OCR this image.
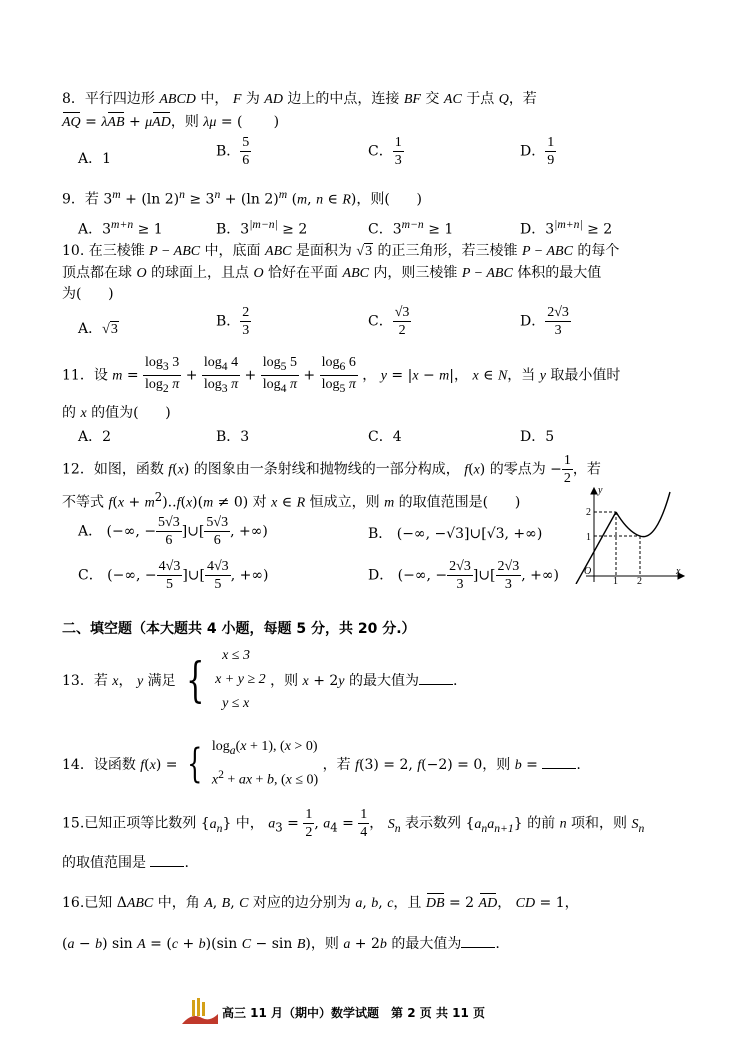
8．平行四边形 ABCD 中， F 为 AD 边上的中点，连接 BF 交 AC 于点 Q，若
AQ = λAB + μAD，则 λμ = (       )
A．1	B． $\frac{5}{6}$	C． $\frac{1}{3}$	D． $\frac{1}{9}$
9．若 $3^m + (\ln$ $2)^n \ge 3^n + (\ln$ 2)$^m$ (m, n ∈ R)，则(      )
A．$3^{m+n} \ge 1$	B．$3^{|m-n|} \ge 2$	C．$3^{m-n} \ge 1$	D．$3^{|m+n|} \ge 2$
10. 在三棱锥 P − ABC 中，底面 ABC 是面积为 √3 的正三角形，若三棱锥 P − ABC 的每个
顶点都在球 O 的球面上，且点 O 恰好在平面 ABC 内，则三棱锥 P − ABC 体积的最大值
为(      )
A．√3	B． $\frac{2}{3}$	C． $\frac{√3}{2}$	D． $\frac{2√3}{3}$
11．设 $m = \frac{\log_3 3}{\log_2 \pi} + \frac{\log_4 4}{\log_3 \pi} + \frac{\log_5 5}{\log_4 \pi} + \frac{\log_6 6}{\log_5 \pi}$ ， y = |x − m|， x ∈ N，当 y 取最小值时
的 x 的值为(      )
A．2	B．3	C．4	D．5
12．如图，函数 f(x) 的图象由一条射线和抛物线的一部分构成， f(x) 的零点为 − $\frac{1}{2}$ ，若
不等式 $f(x + m^2)..f(x)(m \ne 0)$ 对 x ∈ R 恒成立，则 m 的取值范围是(      )
A． (−∞, − $\frac{5√3}{6}$ ]∪[ $\frac{5√3}{6}$ , +∞)	B． (−∞, −√3]∪[√3, +∞)
C． (−∞, − $\frac{4√3}{5}$ ]∪[ $\frac{4√3}{5}$ , +∞)	D． (−∞, − $\frac{2√3}{3}$ ]∪[ $\frac{2√3}{3}$ , +∞)
y
x
O
2
1
1 2
二、填空题（本大题共 4 小题，每题 5 分，共 20 分.）
13．若 x， y 满足 { x ≤ 3
x + y ≥ 2
y ≤ x
，则 x + 2y 的最大值为 .
14．设函数 f(x) = { $\log_a(x + 1)$, (x > 0)
$x^2$ + ax + b, (x ≤ 0)
，若 f(3) = 2, f(−2) = 0，则 b = .
15.已知正项等比数列 $\{a_n\}$ 中， $a_3 = \frac{1}{2}$ , $a_4 = \frac{1}{4}$ ， $S_n$ 表示数列 $\{a_na_{n+1}\}$ 的前 n 项和，则 $S_n$
的取值范围是 .
16.已知 ΔABC 中，角 A, B, C 对应的边分别为 a, b, c，且 DB = 2 AD， CD = 1，
(a − b) sin A = (c + b)(sin C − sin B)，则 a + 2b 的最大值为 .
高三 11 月（期中）数学试题　第 2 页 共 11 页
